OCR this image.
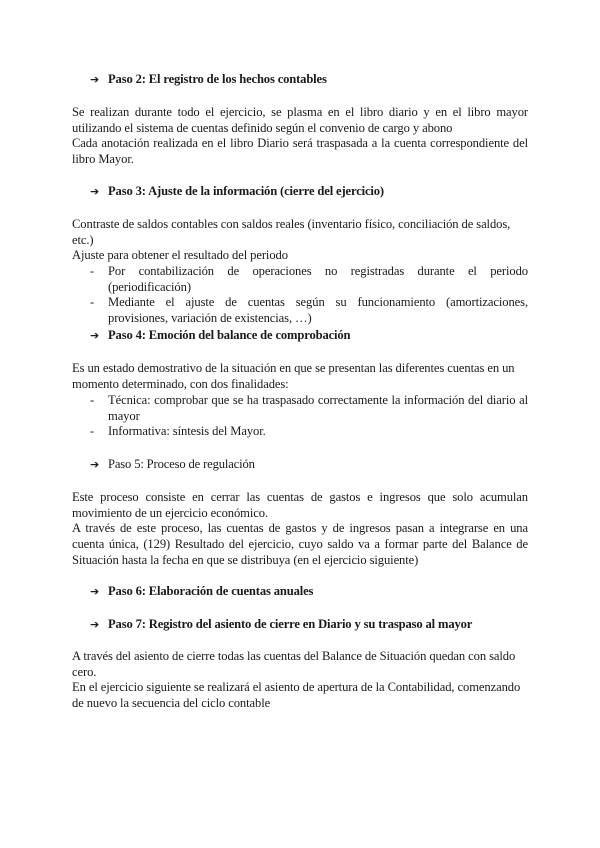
➔ Paso 2: El registro de los hechos contables

Se realizan durante todo el ejercicio, se plasma en el libro diario y en el libro mayor utilizando el sistema de cuentas definido según el convenio de cargo y abono

Cada anotación realizada en el libro Diario será traspasada a la cuenta correspondiente del libro Mayor.

➔ Paso 3: Ajuste de la información (cierre del ejercicio)

Contraste de saldos contables con saldos reales (inventario físico, conciliación de saldos, etc.)

Ajuste para obtener el resultado del periodo

- Por contabilización de operaciones no registradas durante el periodo (periodificación)
- Mediante el ajuste de cuentas según su funcionamiento (amortizaciones, provisiones, variación de existencias, …)
➔ Paso 4: Emoción del balance de comprobación

Es un estado demostrativo de la situación en que se presentan las diferentes cuentas en un momento determinado, con dos finalidades:

- Técnica: comprobar que se ha traspasado correctamente la información del diario al mayor
- Informativa: síntesis del Mayor.
➔ Paso 5: Proceso de regulación

Este proceso consiste en cerrar las cuentas de gastos e ingresos que solo acumulan movimiento de un ejercicio económico.

A través de este proceso, las cuentas de gastos y de ingresos pasan a integrarse en una cuenta única, (129) Resultado del ejercicio, cuyo saldo va a formar parte del Balance de Situación hasta la fecha en que se distribuya (en el ejercicio siguiente)

➔ Paso 6: Elaboración de cuentas anuales
➔ Paso 7: Registro del asiento de cierre en Diario y su traspaso al mayor

A través del asiento de cierre todas las cuentas del Balance de Situación quedan con saldo cero.

En el ejercicio siguiente se realizará el asiento de apertura de la Contabilidad, comenzando de nuevo la secuencia del ciclo contable
